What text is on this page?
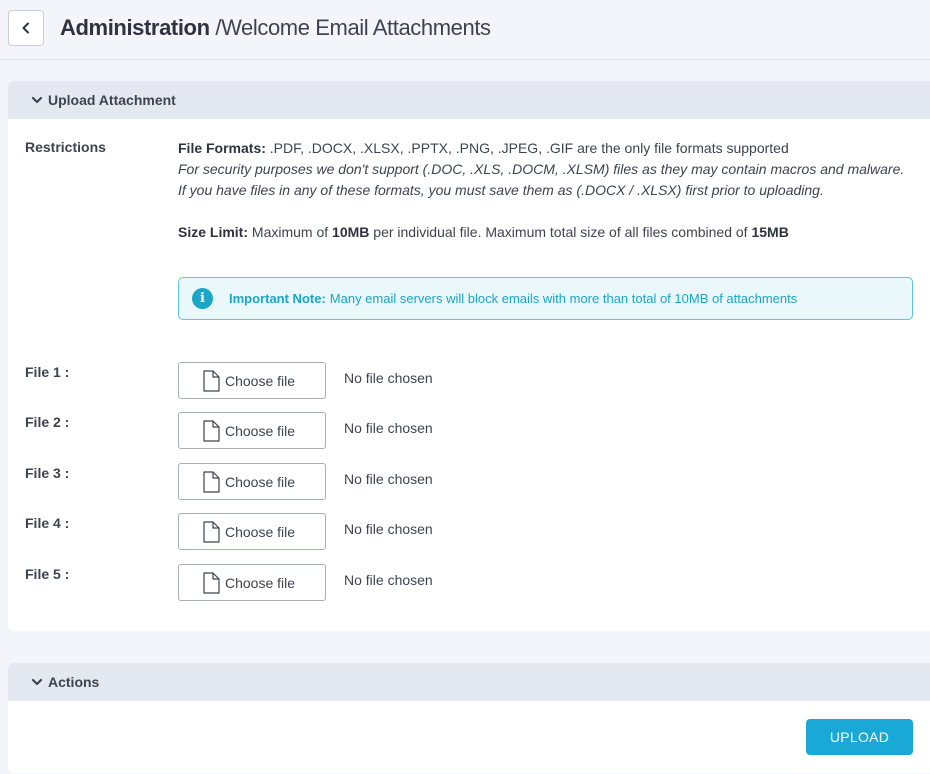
Administration /Welcome Email Attachments
Upload Attachment
Restrictions	File Formats: .PDF, .DOCX, .XLSX, .PPTX, .PNG, .JPEG, .GIF are the only file formats supported
For security purposes we don't support (.DOC, .XLS, .DOCM, .XLSM) files as they may contain macros and malware.
If you have files in any of these formats, you must save them as (.DOCX / .XLSX) first prior to uploading.
Size Limit: Maximum of 10MB per individual file. Maximum total size of all files combined of 15MB
i	Important Note: Many email servers will block emails with more than total of 10MB of attachments
File 1 :
Choose file	No file chosen
File 2 :
Choose file	No file chosen
File 3 :
Choose file	No file chosen
File 4 :
Choose file	No file chosen
File 5 :
Choose file	No file chosen
Actions
UPLOAD
